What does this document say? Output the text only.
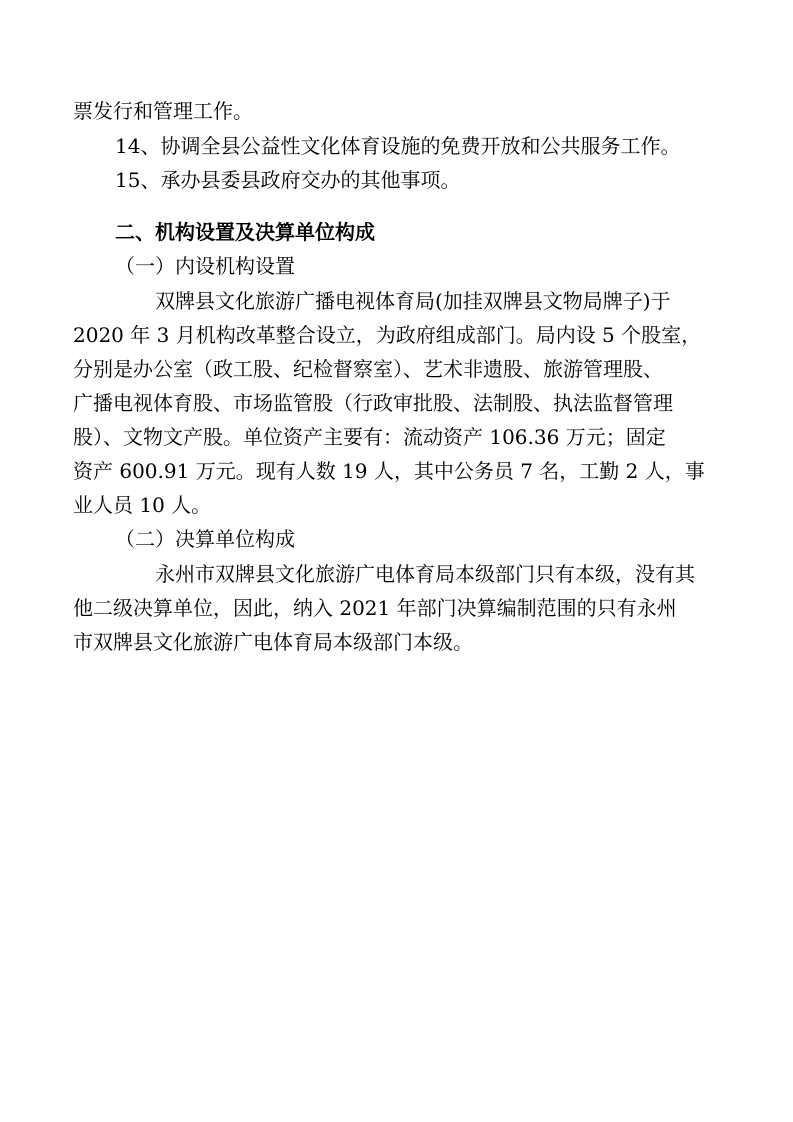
票发行和管理工作。
14、协调全县公益性文化体育设施的免费开放和公共服务工作。
15、承办县委县政府交办的其他事项。
二、机构设置及决算单位构成
（一）内设机构设置
双牌县文化旅游广播电视体育局(加挂双牌县文物局牌子)于
2020 年 3 月机构改革整合设立，为政府组成部门。局内设 5 个股室，
分别是办公室（政工股、纪检督察室）、艺术非遗股、旅游管理股、
广播电视体育股、市场监管股（行政审批股、法制股、执法监督管理
股）、文物文产股。单位资产主要有：流动资产 106.36 万元；固定
资产 600.91 万元。现有人数 19 人，其中公务员 7 名，工勤 2 人，事
业人员 10 人。
（二）决算单位构成
永州市双牌县文化旅游广电体育局本级部门只有本级，没有其
他二级决算单位，因此，纳入 2021 年部门决算编制范围的只有永州
市双牌县文化旅游广电体育局本级部门本级。
